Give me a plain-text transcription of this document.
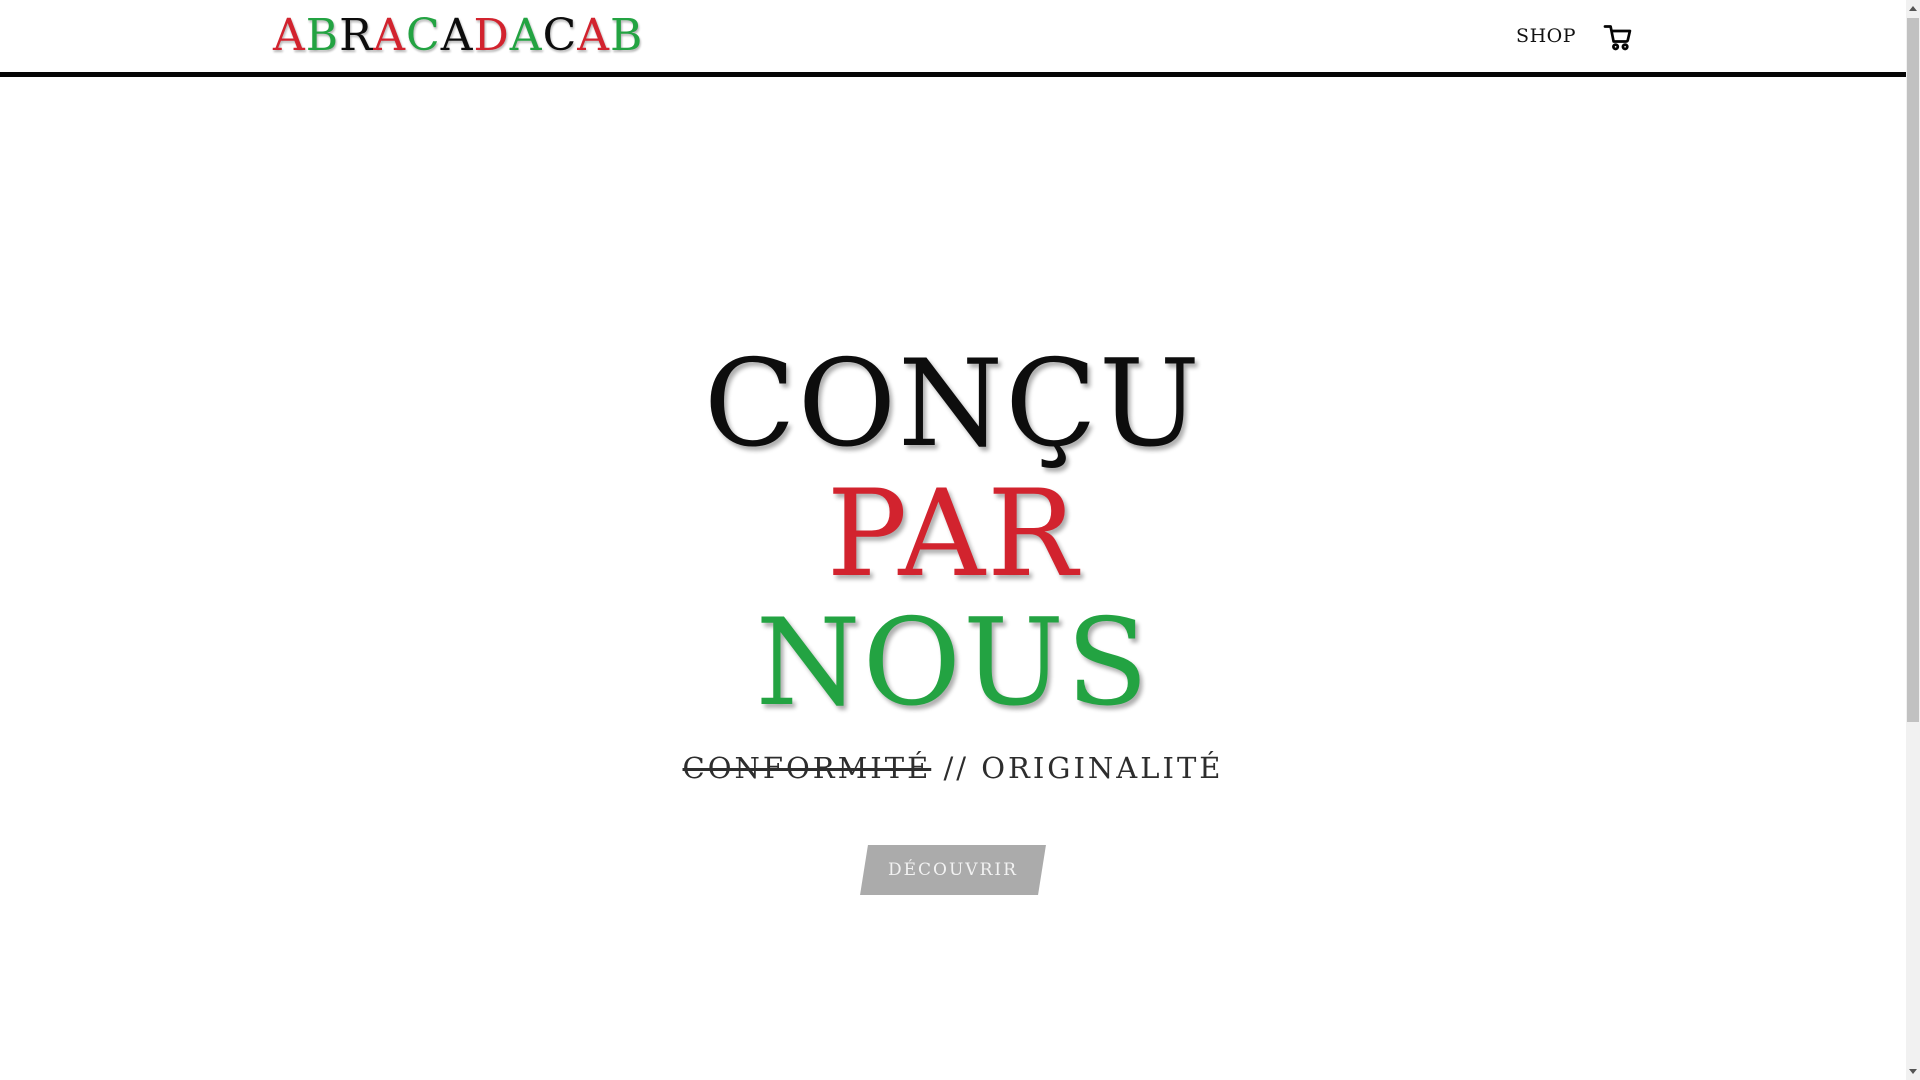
ABRACADACAB	SHOP
CONÇU
PAR
NOUS
CONFORMITÉ // ORIGINALITÉ
DÉCOUVRIR
